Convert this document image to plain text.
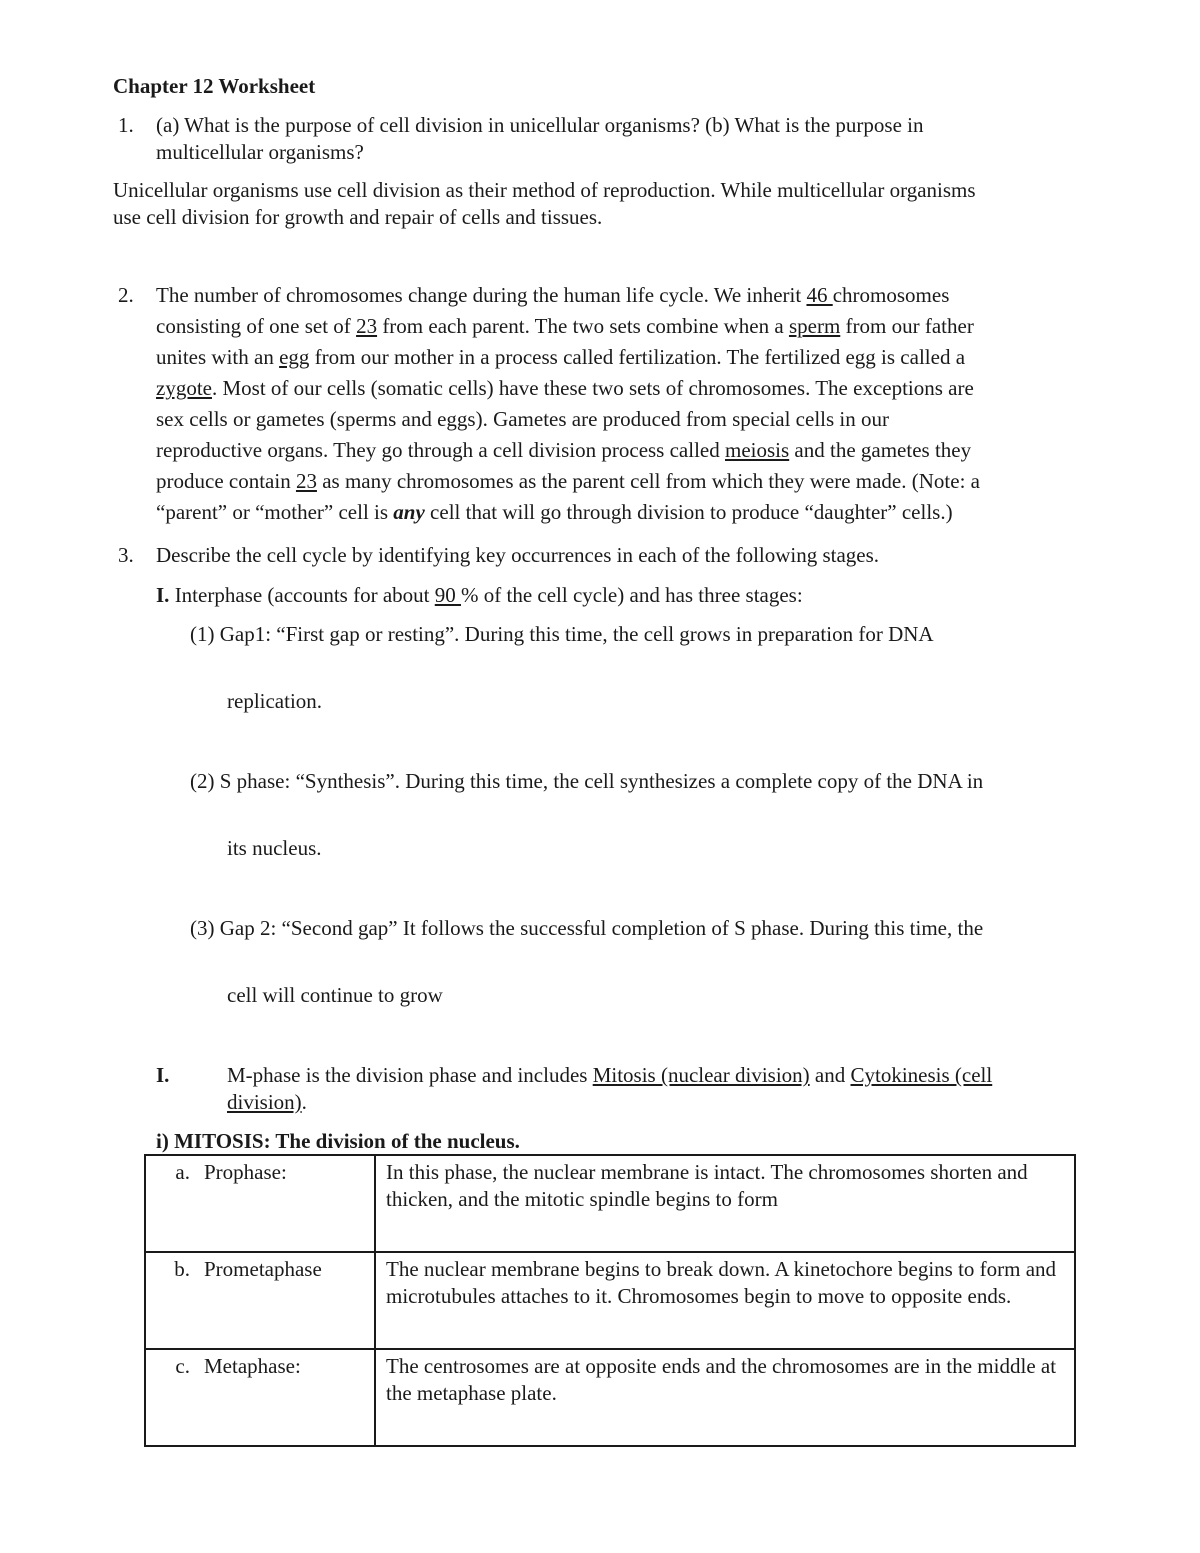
Chapter 12 Worksheet
1. (a) What is the purpose of cell division in unicellular organisms? (b) What is the purpose in
multicellular organisms?
Unicellular organisms use cell division as their method of reproduction. While multicellular organisms
use cell division for growth and repair of cells and tissues.
2. The number of chromosomes change during the human life cycle. We inherit 46 chromosomes
consisting of one set of 23 from each parent. The two sets combine when a sperm from our father
unites with an egg from our mother in a process called fertilization. The fertilized egg is called a
zygote. Most of our cells (somatic cells) have these two sets of chromosomes. The exceptions are
sex cells or gametes (sperms and eggs). Gametes are produced from special cells in our
reproductive organs. They go through a cell division process called meiosis and the gametes they
produce contain 23 as many chromosomes as the parent cell from which they were made. (Note: a
“parent” or “mother” cell is any cell that will go through division to produce “daughter” cells.)
3. Describe the cell cycle by identifying key occurrences in each of the following stages.
I. Interphase (accounts for about 90 % of the cell cycle) and has three stages:
(1) Gap1: “First gap or resting”. During this time, the cell grows in preparation for DNA
replication.
(2) S phase: “Synthesis”. During this time, the cell synthesizes a complete copy of the DNA in
its nucleus.
(3) Gap 2: “Second gap” It follows the successful completion of S phase. During this time, the
cell will continue to grow
I.	M-phase is the division phase and includes Mitosis (nuclear division) and Cytokinesis (cell
division).
i) MITOSIS: The division of the nucleus.
a. Prophase:	In this phase, the nuclear membrane is intact. The chromosomes shorten and thicken, and the mitotic spindle begins to form
b. Prometaphase	The nuclear membrane begins to break down. A kinetochore begins to form and microtubules attaches to it. Chromosomes begin to move to opposite ends.
c. Metaphase:	The centrosomes are at opposite ends and the chromosomes are in the middle at the metaphase plate.
